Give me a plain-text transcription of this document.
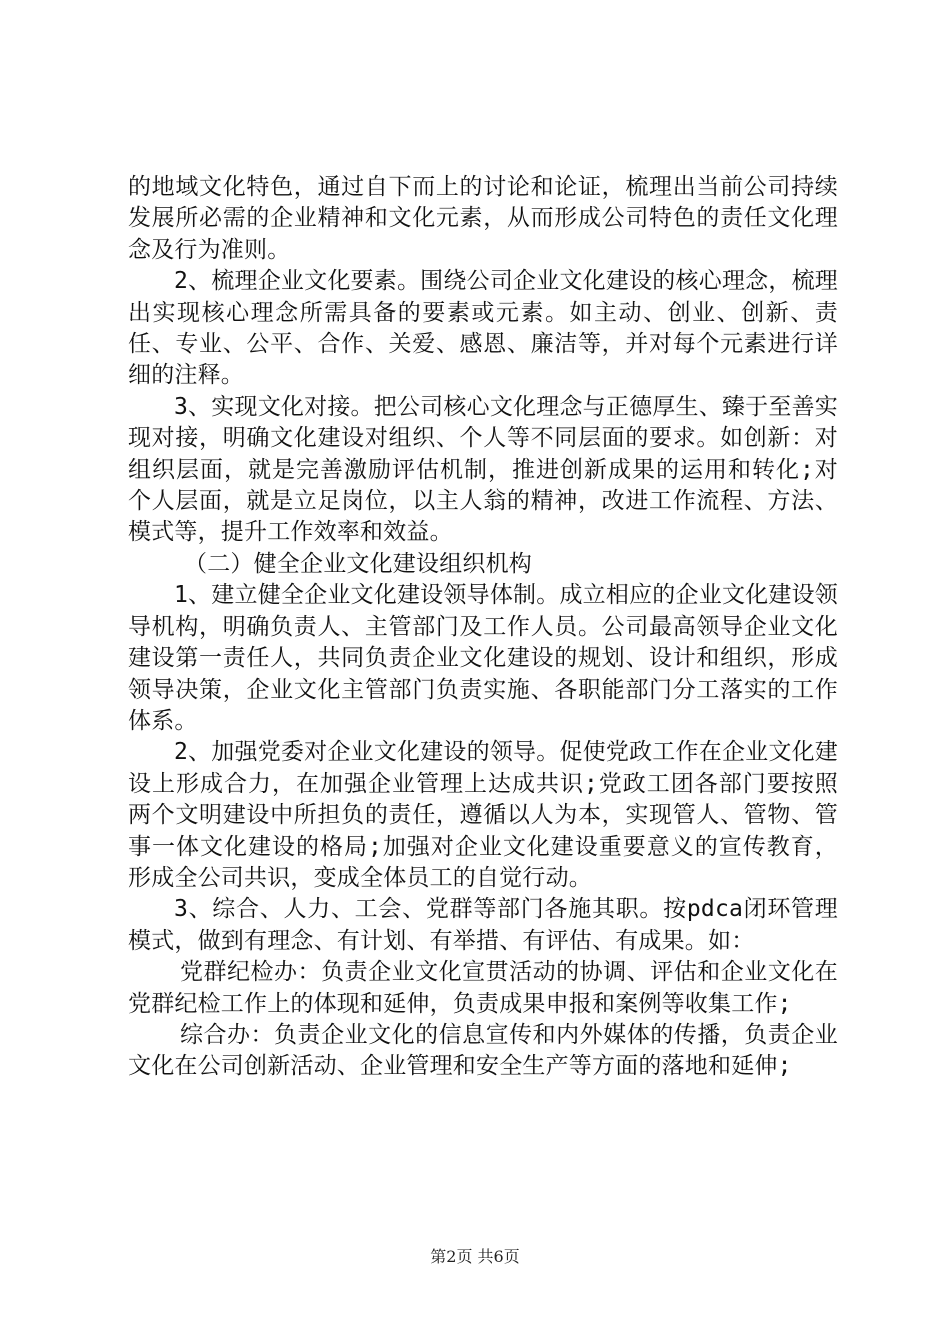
的地域文化特色，通过自下而上的讨论和论证，梳理出当前公司持续发展所必需的企业精神和文化元素，从而形成公司特色的责任文化理念及行为准则。

2、梳理企业文化要素。围绕公司企业文化建设的核心理念，梳理出实现核心理念所需具备的要素或元素。如主动、创业、创新、责任、专业、公平、合作、关爱、感恩、廉洁等，并对每个元素进行详细的注释。

3、实现文化对接。把公司核心文化理念与正德厚生、臻于至善实现对接，明确文化建设对组织、个人等不同层面的要求。如创新：对组织层面，就是完善激励评估机制，推进创新成果的运用和转化;对个人层面，就是立足岗位，以主人翁的精神，改进工作流程、方法、模式等，提升工作效率和效益。

（二）健全企业文化建设组织机构

1、建立健全企业文化建设领导体制。成立相应的企业文化建设领导机构，明确负责人、主管部门及工作人员。公司最高领导企业文化建设第一责任人，共同负责企业文化建设的规划、设计和组织，形成领导决策，企业文化主管部门负责实施、各职能部门分工落实的工作体系。

2、加强党委对企业文化建设的领导。促使党政工作在企业文化建设上形成合力，在加强企业管理上达成共识;党政工团各部门要按照两个文明建设中所担负的责任，遵循以人为本，实现管人、管物、管事一体文化建设的格局;加强对企业文化建设重要意义的宣传教育，形成全公司共识，变成全体员工的自觉行动。

3、综合、人力、工会、党群等部门各施其职。按pdca闭环管理模式，做到有理念、有计划、有举措、有评估、有成果。如：

党群纪检办：负责企业文化宣贯活动的协调、评估和企业文化在党群纪检工作上的体现和延伸，负责成果申报和案例等收集工作;

综合办：负责企业文化的信息宣传和内外媒体的传播，负责企业文化在公司创新活动、企业管理和安全生产等方面的落地和延伸;

第2页 共6页
